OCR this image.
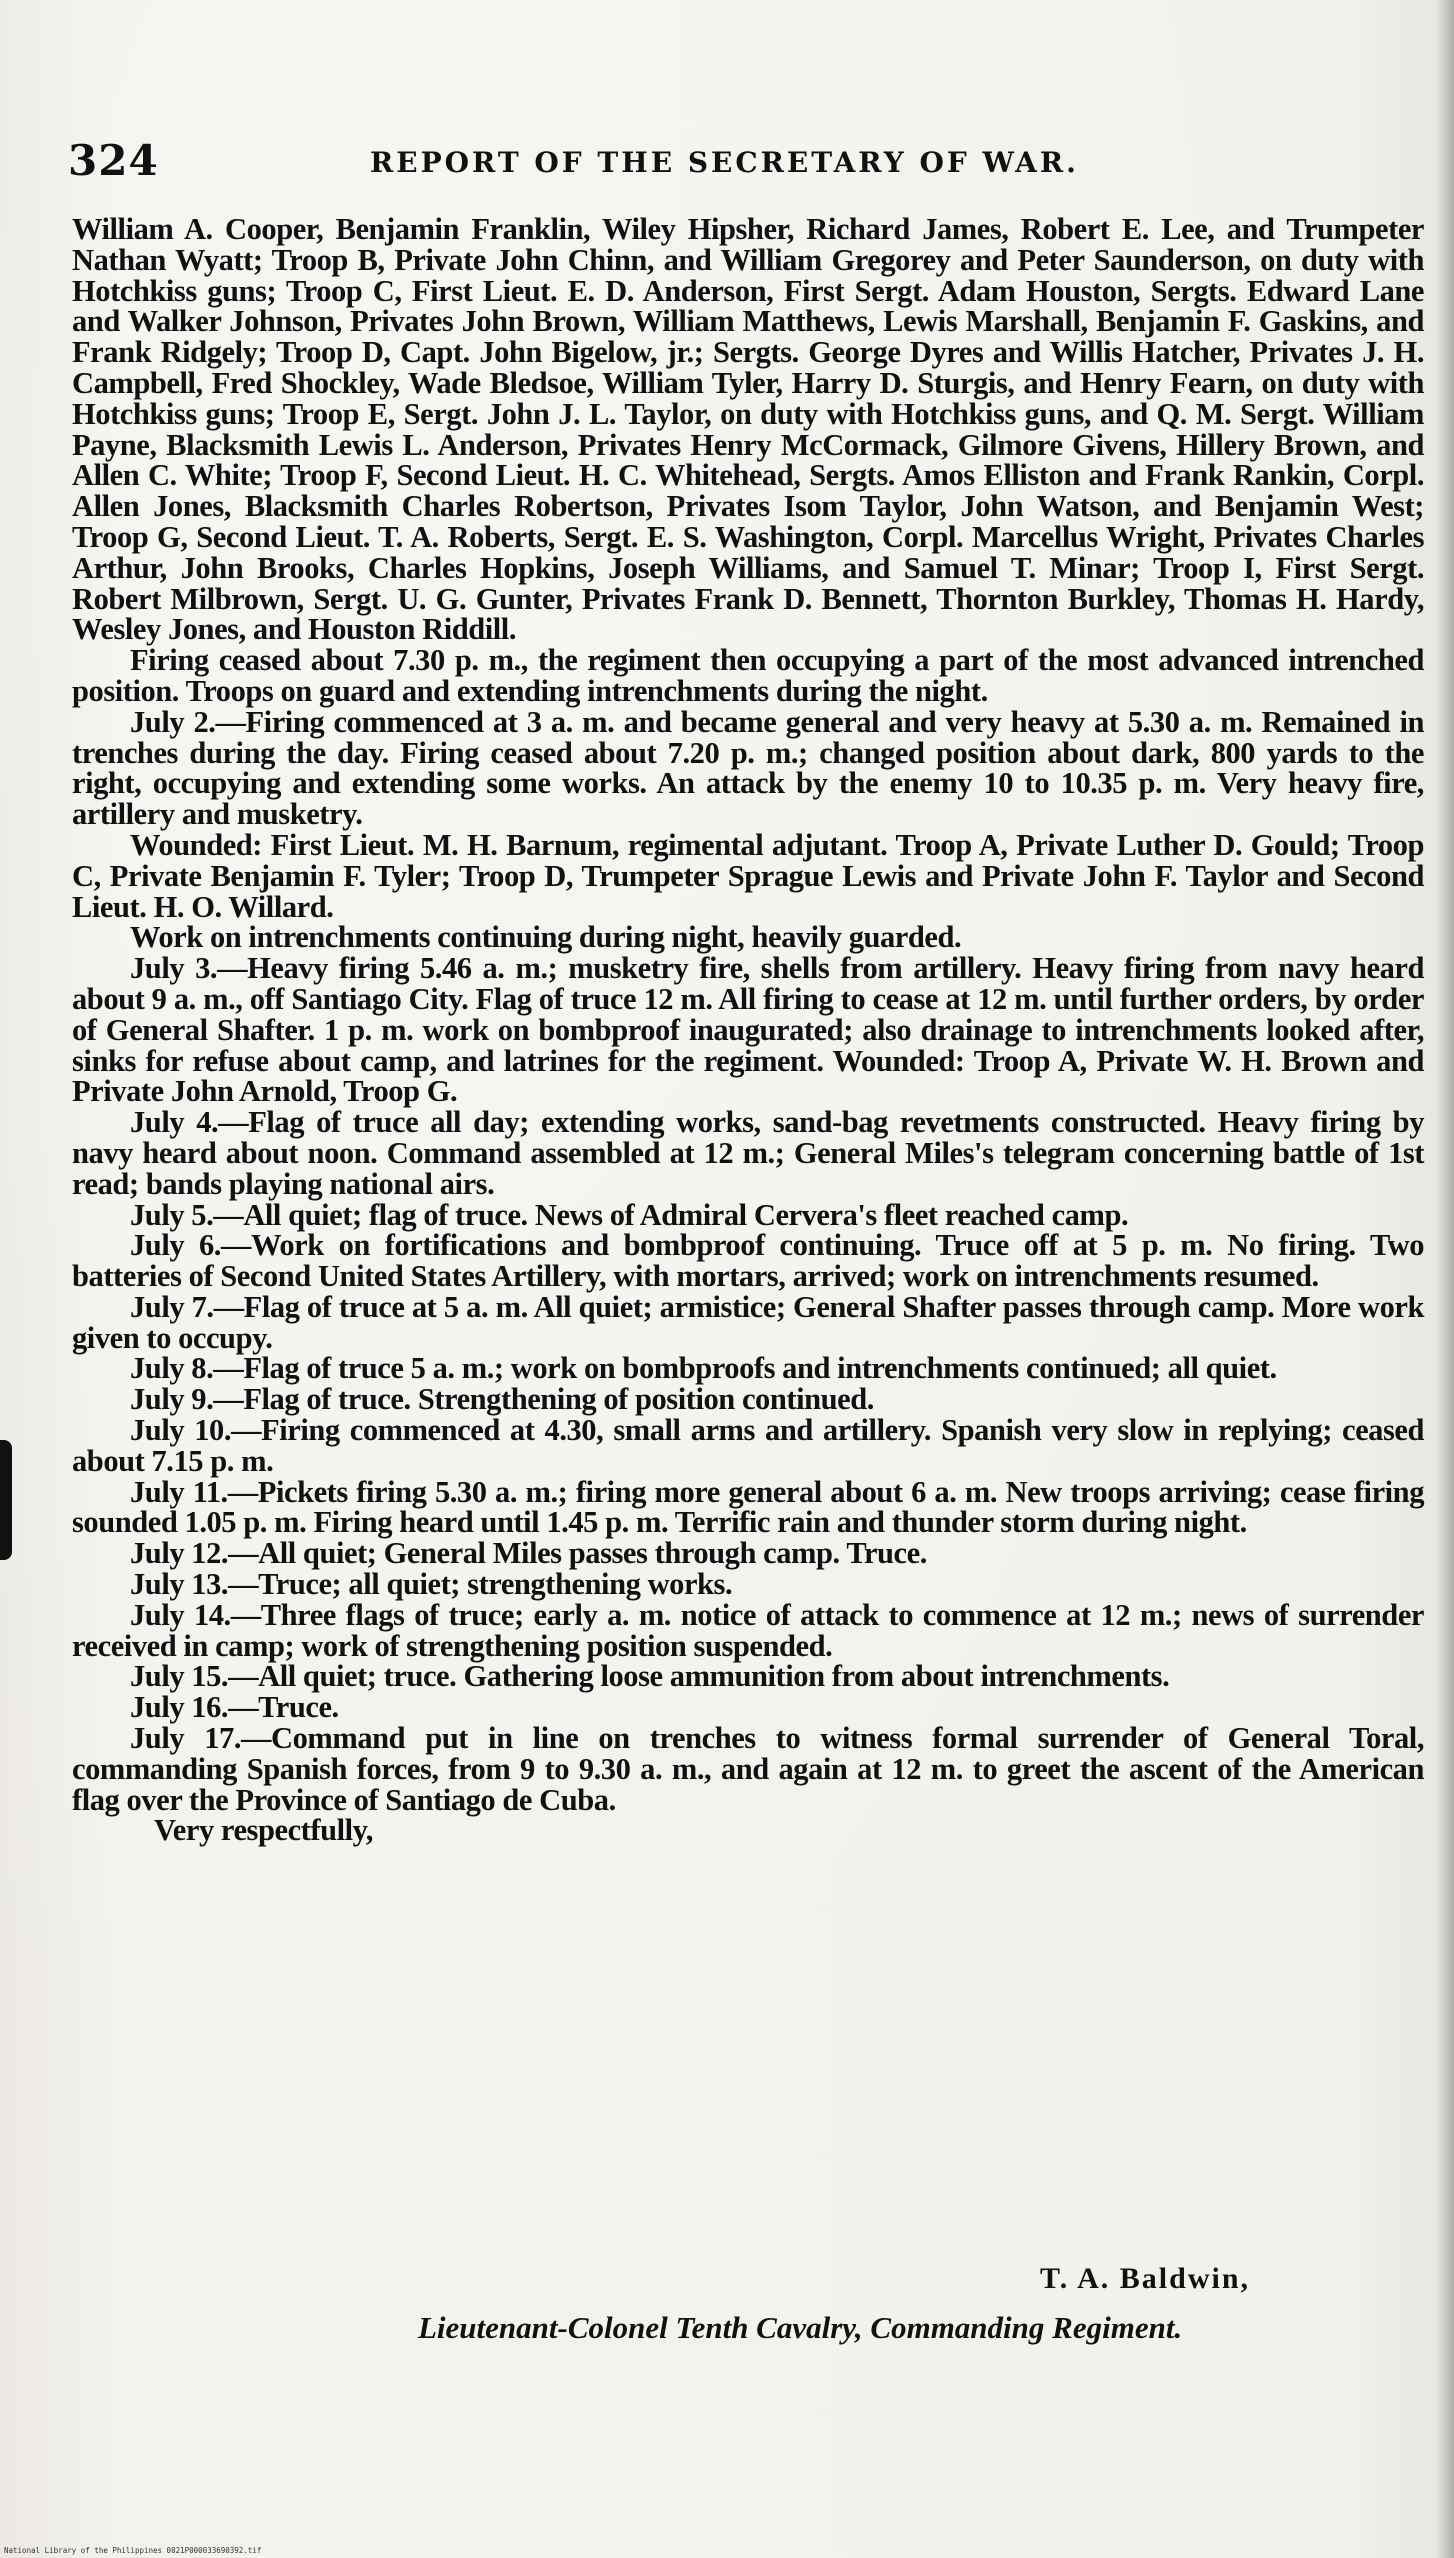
324	REPORT OF THE SECRETARY OF WAR.

William A. Cooper, Benjamin Franklin, Wiley Hipsher, Richard James, Robert E. Lee, and Trumpeter Nathan Wyatt; Troop B, Private John Chinn, and William Gregorey and Peter Saunderson, on duty with Hotchkiss guns; Troop C, First Lieut. E. D. Anderson, First Sergt. Adam Houston, Sergts. Edward Lane and Walker Johnson, Privates John Brown, William Matthews, Lewis Marshall, Benjamin F. Gaskins, and Frank Ridgely; Troop D, Capt. John Bigelow, jr.; Sergts. George Dyres and Willis Hatcher, Privates J. H. Campbell, Fred Shockley, Wade Bledsoe, William Tyler, Harry D. Sturgis, and Henry Fearn, on duty with Hotchkiss guns; Troop E, Sergt. John J. L. Taylor, on duty with Hotchkiss guns, and Q. M. Sergt. William Payne, Blacksmith Lewis L. Anderson, Privates Henry McCormack, Gilmore Givens, Hillery Brown, and Allen C. White; Troop F, Second Lieut. H. C. Whitehead, Sergts. Amos Elliston and Frank Rankin, Corpl. Allen Jones, Blacksmith Charles Robertson, Privates Isom Taylor, John Watson, and Benjamin West; Troop G, Second Lieut. T. A. Roberts, Sergt. E. S. Washington, Corpl. Marcellus Wright, Privates Charles Arthur, John Brooks, Charles Hopkins, Joseph Williams, and Samuel T. Minar; Troop I, First Sergt. Robert Milbrown, Sergt. U. G. Gunter, Privates Frank D. Bennett, Thornton Burkley, Thomas H. Hardy, Wesley Jones, and Houston Riddill.

Firing ceased about 7.30 p. m., the regiment then occupying a part of the most advanced intrenched position. Troops on guard and extending intrenchments during the night.

July 2.—Firing commenced at 3 a. m. and became general and very heavy at 5.30 a. m. Remained in trenches during the day. Firing ceased about 7.20 p. m.; changed position about dark, 800 yards to the right, occupying and extending some works. An attack by the enemy 10 to 10.35 p. m. Very heavy fire, artillery and musketry.

Wounded: First Lieut. M. H. Barnum, regimental adjutant. Troop A, Private Luther D. Gould; Troop C, Private Benjamin F. Tyler; Troop D, Trumpeter Sprague Lewis and Private John F. Taylor and Second Lieut. H. O. Willard.

Work on intrenchments continuing during night, heavily guarded.

July 3.—Heavy firing 5.46 a. m.; musketry fire, shells from artillery. Heavy firing from navy heard about 9 a. m., off Santiago City. Flag of truce 12 m. All firing to cease at 12 m. until further orders, by order of General Shafter. 1 p. m. work on bombproof inaugurated; also drainage to intrenchments looked after, sinks for refuse about camp, and latrines for the regiment. Wounded: Troop A, Private W. H. Brown and Private John Arnold, Troop G.

July 4.—Flag of truce all day; extending works, sand-bag revetments constructed. Heavy firing by navy heard about noon. Command assembled at 12 m.; General Miles's telegram concerning battle of 1st read; bands playing national airs.

July 5.—All quiet; flag of truce. News of Admiral Cervera's fleet reached camp.

July 6.—Work on fortifications and bombproof continuing. Truce off at 5 p. m. No firing. Two batteries of Second United States Artillery, with mortars, arrived; work on intrenchments resumed.

July 7.—Flag of truce at 5 a. m. All quiet; armistice; General Shafter passes through camp. More work given to occupy.

July 8.—Flag of truce 5 a. m.; work on bombproofs and intrenchments continued; all quiet.

July 9.—Flag of truce. Strengthening of position continued.

July 10.—Firing commenced at 4.30, small arms and artillery. Spanish very slow in replying; ceased about 7.15 p. m.

July 11.—Pickets firing 5.30 a. m.; firing more general about 6 a. m. New troops arriving; cease firing sounded 1.05 p. m. Firing heard until 1.45 p. m. Terrific rain and thunder storm during night.

July 12.—All quiet; General Miles passes through camp. Truce.

July 13.—Truce; all quiet; strengthening works.

July 14.—Three flags of truce; early a. m. notice of attack to commence at 12 m.; news of surrender received in camp; work of strengthening position suspended.

July 15.—All quiet; truce. Gathering loose ammunition from about intrenchments.

July 16.—Truce.

July 17.—Command put in line on trenches to witness formal surrender of General Toral, commanding Spanish forces, from 9 to 9.30 a. m., and again at 12 m. to greet the ascent of the American flag over the Province of Santiago de Cuba.

Very respectfully,

T. A. Baldwin,
Lieutenant-Colonel Tenth Cavalry, Commanding Regiment.
National Library of the Philippines 0021P000033690392.tif
